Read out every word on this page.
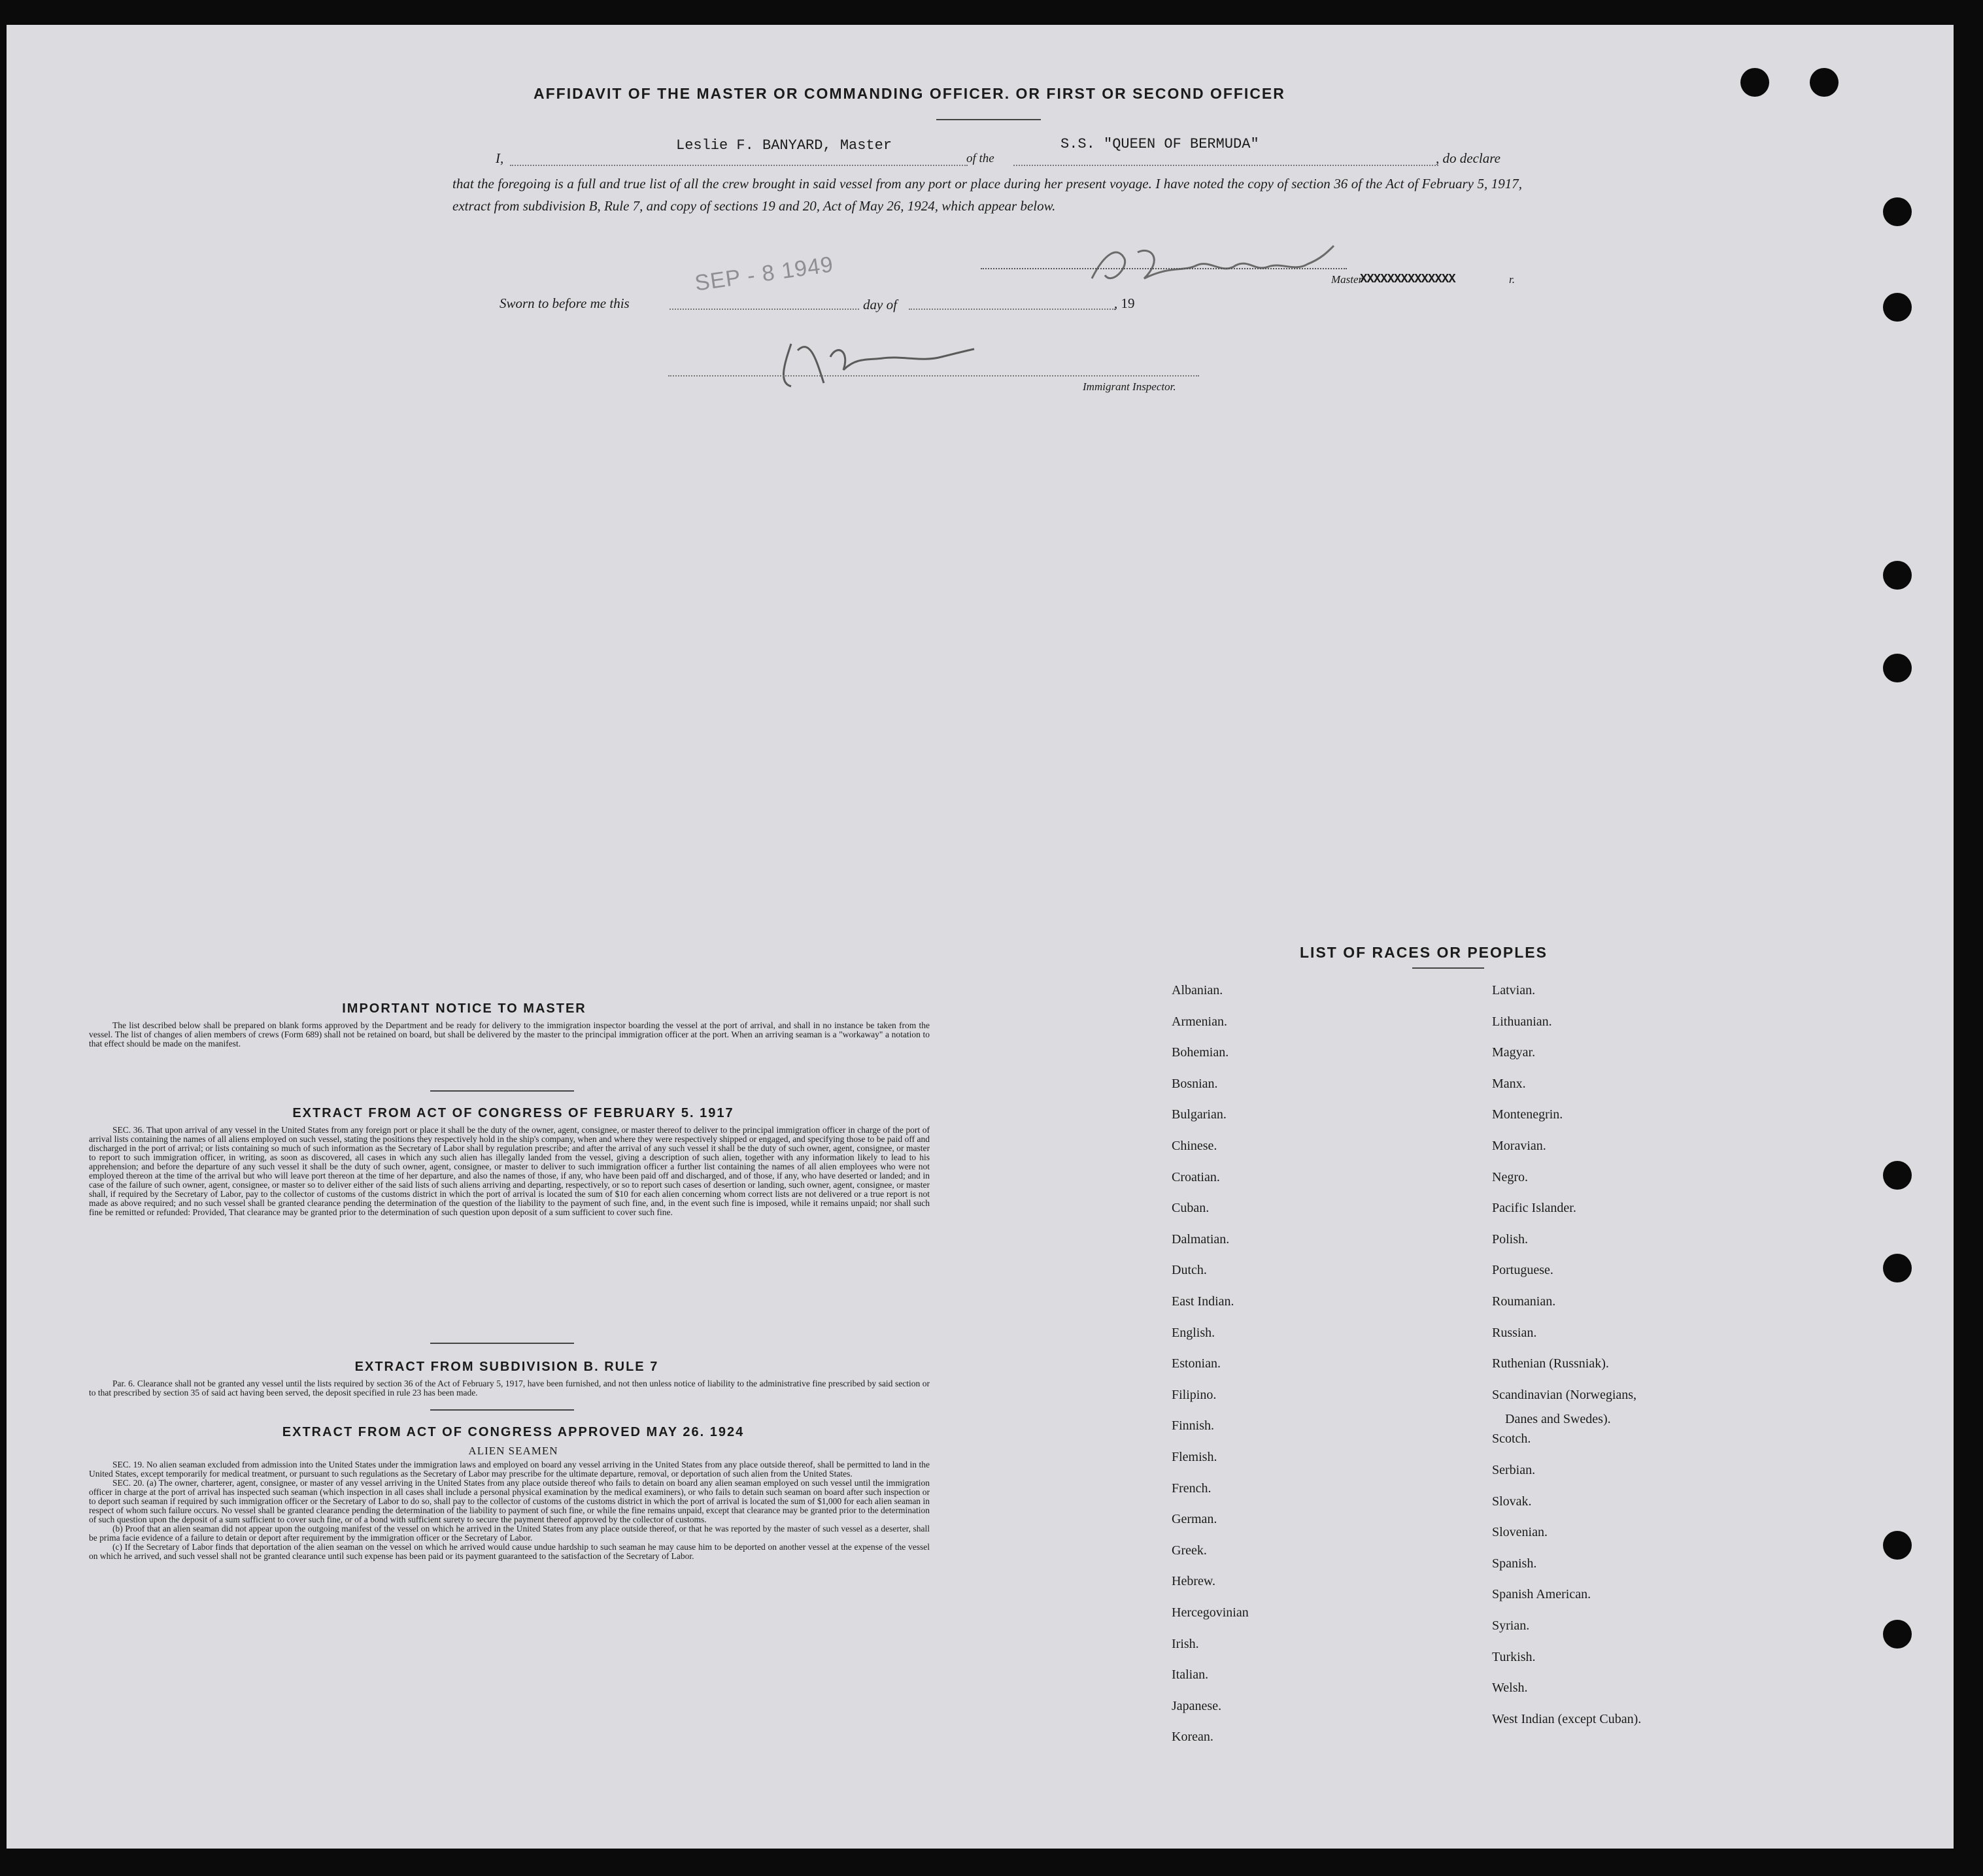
AFFIDAVIT OF THE MASTER OR COMMANDING OFFICER. OR FIRST OR SECOND OFFICER
I,
Leslie F. BANYARD, Master
of the
S.S. "QUEEN OF BERMUDA"
, do declare
that the foregoing is a full and true list of all the crew brought in said vessel from any port or place during her present voyage. I have noted the copy of section 36 of the Act of February 5, 1917, extract from subdivision B, Rule 7, and copy of sections 19 and 20, Act of May 26, 1924, which appear below.
Master
XXXXXXXXXXXXXX	r.
SEP - 8 1949
Sworn to before me this	day of	, 19
Immigrant Inspector.
IMPORTANT NOTICE TO MASTER

The list described below shall be prepared on blank forms approved by the Department and be ready for delivery to the immigration inspector boarding the vessel at the port of arrival, and shall in no instance be taken from the vessel. The list of changes of alien members of crews (Form 689) shall not be retained on board, but shall be delivered by the master to the principal immigration officer at the port. When an arriving seaman is a "workaway" a notation to that effect should be made on the manifest.

EXTRACT FROM ACT OF CONGRESS OF FEBRUARY 5. 1917

SEC. 36. That upon arrival of any vessel in the United States from any foreign port or place it shall be the duty of the owner, agent, consignee, or master thereof to deliver to the principal immigration officer in charge of the port of arrival lists containing the names of all aliens employed on such vessel, stating the positions they respectively hold in the ship's company, when and where they were respectively shipped or engaged, and specifying those to be paid off and discharged in the port of arrival; or lists containing so much of such information as the Secretary of Labor shall by regulation prescribe; and after the arrival of any such vessel it shall be the duty of such owner, agent, consignee, or master to report to such immigration officer, in writing, as soon as discovered, all cases in which any such alien has illegally landed from the vessel, giving a description of such alien, together with any information likely to lead to his apprehension; and before the departure of any such vessel it shall be the duty of such owner, agent, consignee, or master to deliver to such immigration officer a further list containing the names of all alien employees who were not employed thereon at the time of the arrival but who will leave port thereon at the time of her departure, and also the names of those, if any, who have been paid off and discharged, and of those, if any, who have deserted or landed; and in case of the failure of such owner, agent, consignee, or master so to deliver either of the said lists of such aliens arriving and departing, respectively, or so to report such cases of desertion or landing, such owner, agent, consignee, or master shall, if required by the Secretary of Labor, pay to the collector of customs of the customs district in which the port of arrival is located the sum of $10 for each alien concerning whom correct lists are not delivered or a true report is not made as above required; and no such vessel shall be granted clearance pending the determination of the question of the liability to the payment of such fine, and, in the event such fine is imposed, while it remains unpaid; nor shall such fine be remitted or refunded: Provided, That clearance may be granted prior to the determination of such question upon deposit of a sum sufficient to cover such fine.

EXTRACT FROM SUBDIVISION B. RULE 7

Par. 6. Clearance shall not be granted any vessel until the lists required by section 36 of the Act of February 5, 1917, have been furnished, and not then unless notice of liability to the administrative fine prescribed by said section or to that prescribed by section 35 of said act having been served, the deposit specified in rule 23 has been made.

EXTRACT FROM ACT OF CONGRESS APPROVED MAY 26. 1924
ALIEN SEAMEN

SEC. 19. No alien seaman excluded from admission into the United States under the immigration laws and employed on board any vessel arriving in the United States from any place outside thereof, shall be permitted to land in the United States, except temporarily for medical treatment, or pursuant to such regulations as the Secretary of Labor may prescribe for the ultimate departure, removal, or deportation of such alien from the United States.

SEC. 20. (a) The owner, charterer, agent, consignee, or master of any vessel arriving in the United States from any place outside thereof who fails to detain on board any alien seaman employed on such vessel until the immigration officer in charge at the port of arrival has inspected such seaman (which inspection in all cases shall include a personal physical examination by the medical examiners), or who fails to detain such seaman on board after such inspection or to deport such seaman if required by such immigration officer or the Secretary of Labor to do so, shall pay to the collector of customs of the customs district in which the port of arrival is located the sum of $1,000 for each alien seaman in respect of whom such failure occurs. No vessel shall be granted clearance pending the determination of the liability to payment of such fine, or while the fine remains unpaid, except that clearance may be granted prior to the determination of such question upon the deposit of a sum sufficient to cover such fine, or of a bond with sufficient surety to secure the payment thereof approved by the collector of customs.

(b) Proof that an alien seaman did not appear upon the outgoing manifest of the vessel on which he arrived in the United States from any place outside thereof, or that he was reported by the master of such vessel as a deserter, shall be prima facie evidence of a failure to detain or deport after requirement by the immigration officer or the Secretary of Labor.

(c) If the Secretary of Labor finds that deportation of the alien seaman on the vessel on which he arrived would cause undue hardship to such seaman he may cause him to be deported on another vessel at the expense of the vessel on which he arrived, and such vessel shall not be granted clearance until such expense has been paid or its payment guaranteed to the satisfaction of the Secretary of Labor.

LIST OF RACES OR PEOPLES
Albanian.
Armenian.
Bohemian.
Bosnian.
Bulgarian.
Chinese.
Croatian.
Cuban.
Dalmatian.
Dutch.
East Indian.
English.
Estonian.
Filipino.
Finnish.
Flemish.
French.
German.
Greek.
Hebrew.
Hercegovinian
Irish.
Italian.
Japanese.
Korean.
Latvian.
Lithuanian.
Magyar.
Manx.
Montenegrin.
Moravian.
Negro.
Pacific Islander.
Polish.
Portuguese.
Roumanian.
Russian.
Ruthenian (Russniak).
Scandinavian (Norwegians,
Scotch.
Serbian.
Slovak.
Slovenian.
Spanish.
Spanish American.
Syrian.
Turkish.
Welsh.
West Indian (except Cuban).
Danes and Swedes).
